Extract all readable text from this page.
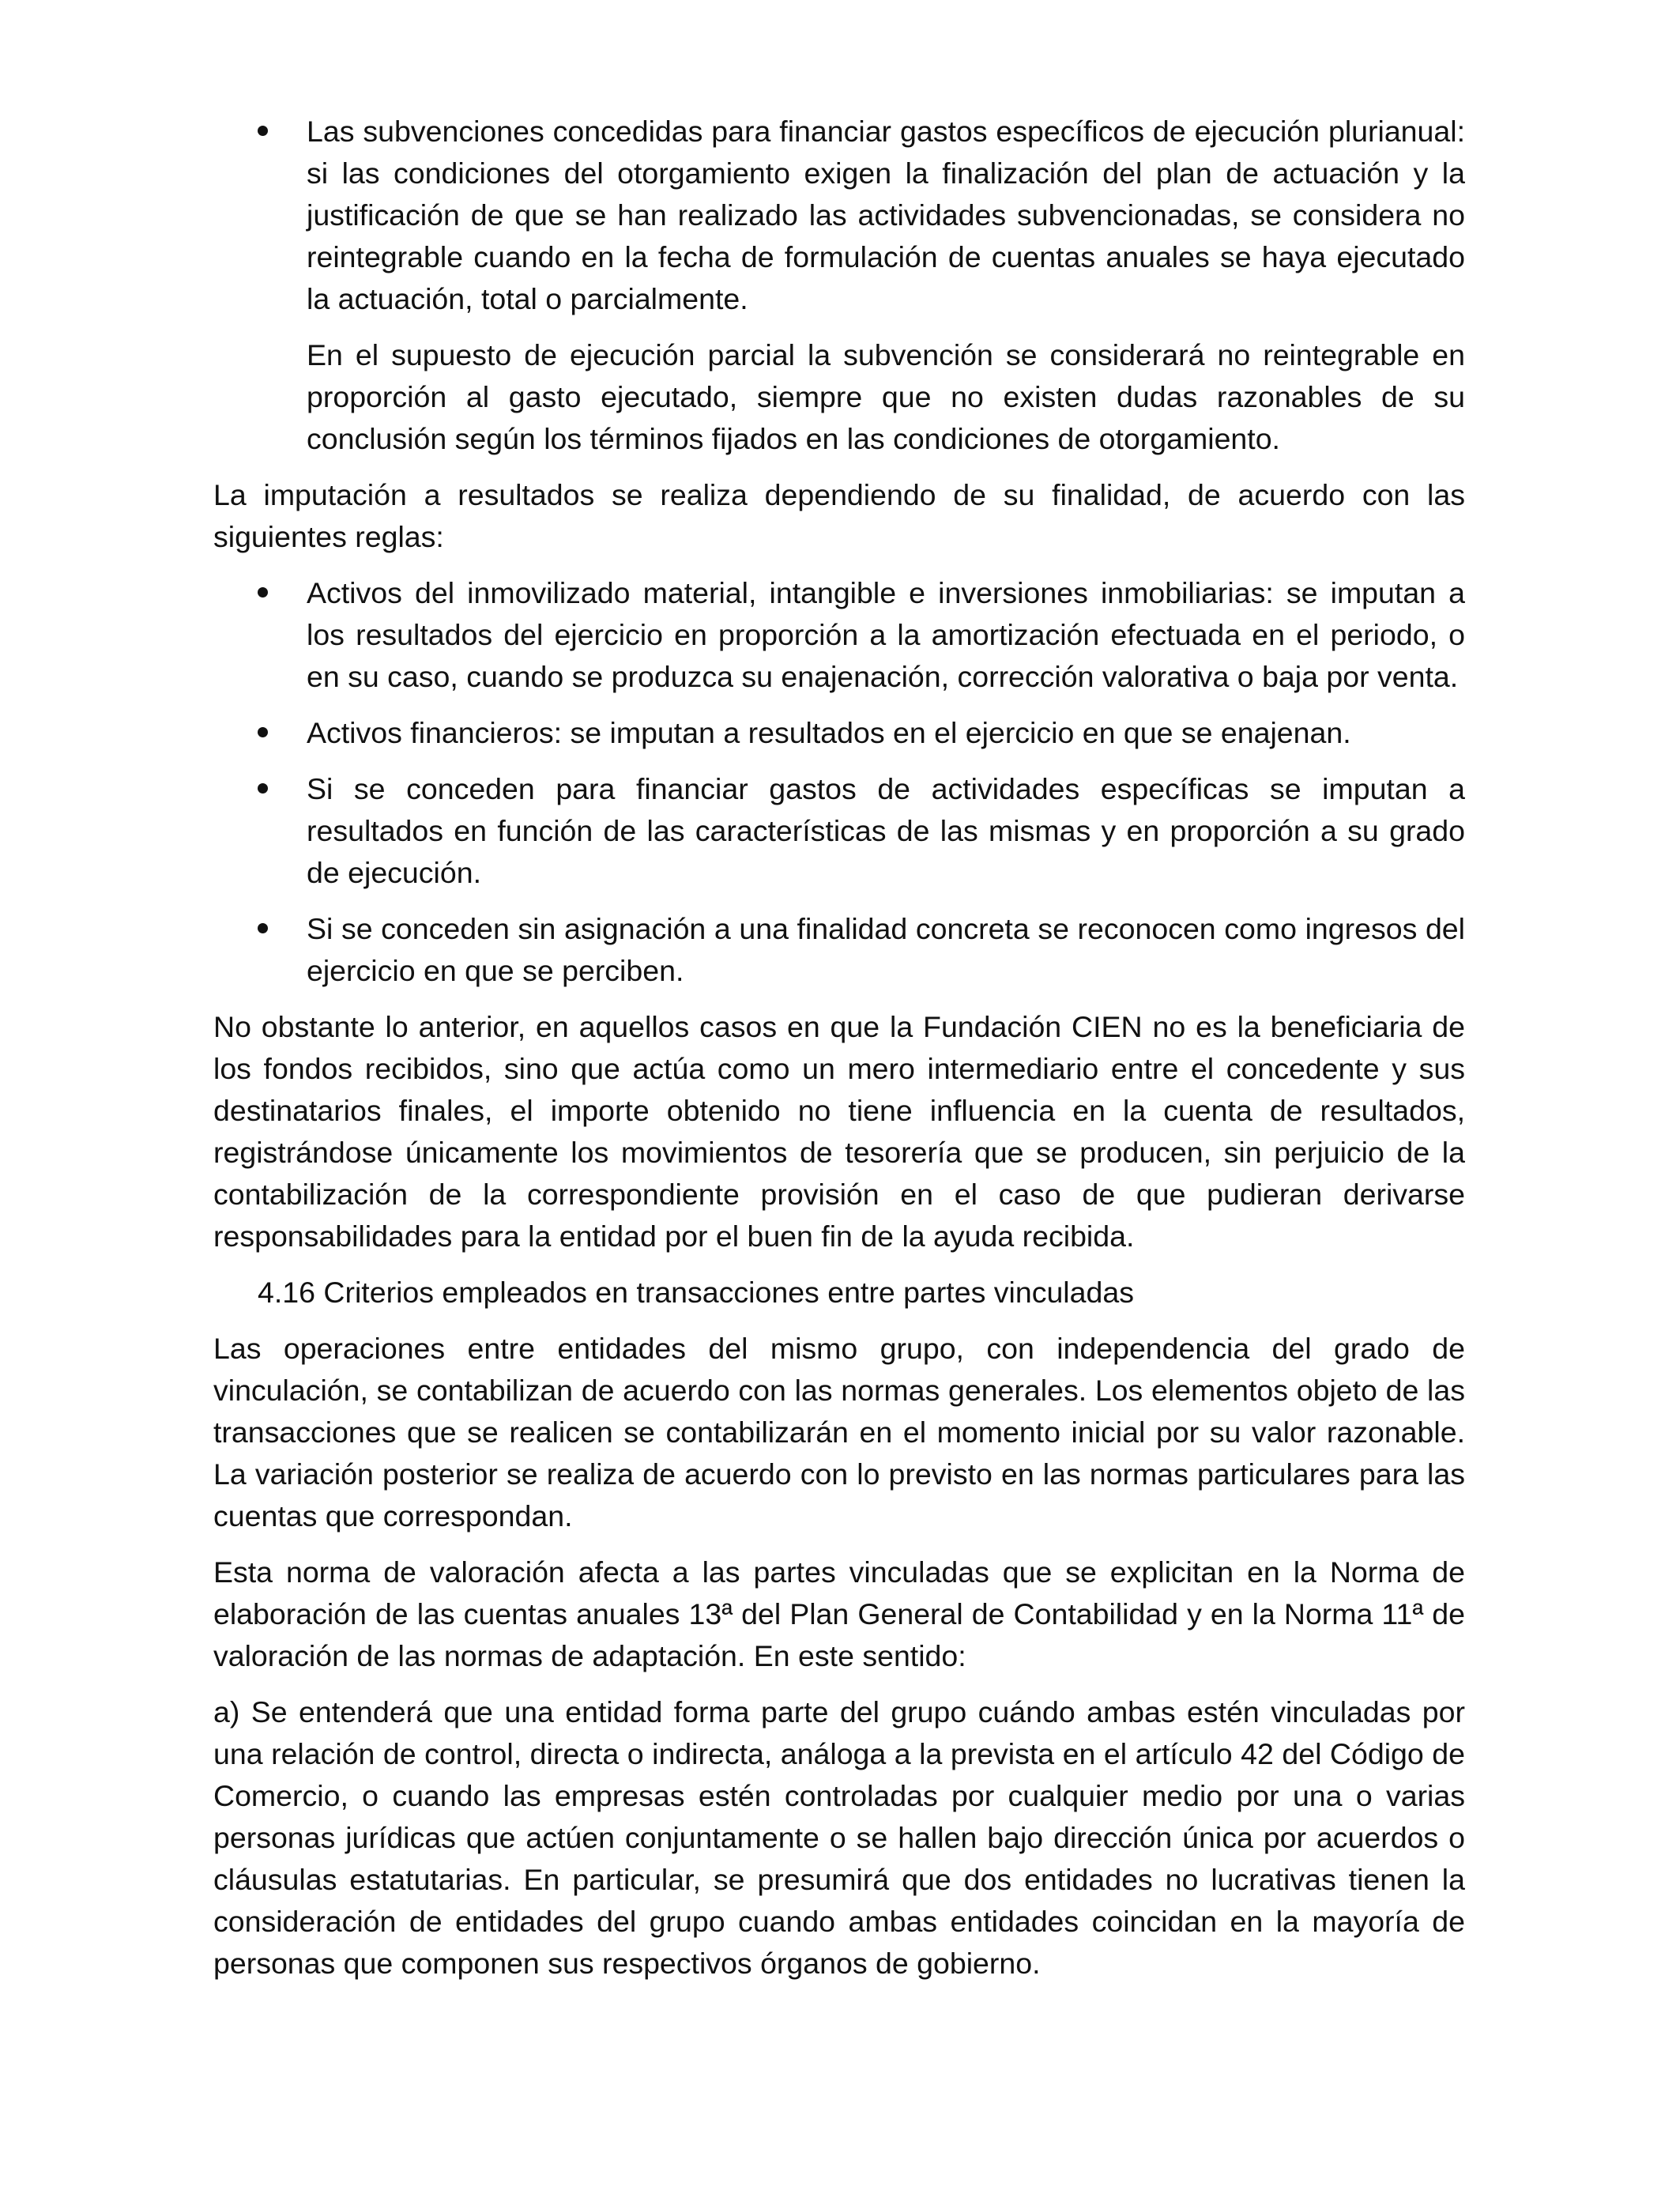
Las subvenciones concedidas para financiar gastos específicos de ejecución plurianual: si las condiciones del otorgamiento exigen la finalización del plan de actuación y la justificación de que se han realizado las actividades subvencionadas, se considera no reintegrable cuando en la fecha de formulación de cuentas anuales se haya ejecutado la actuación, total o parcialmente.

En el supuesto de ejecución parcial la subvención se considerará no reintegrable en proporción al gasto ejecutado, siempre que no existen dudas razonables de su conclusión según los términos fijados en las condiciones de otorgamiento.

La imputación a resultados se realiza dependiendo de su finalidad, de acuerdo con las siguientes reglas:

Activos del inmovilizado material, intangible e inversiones inmobiliarias: se imputan a los resultados del ejercicio en proporción a la amortización efectuada en el periodo, o en su caso, cuando se produzca su enajenación, corrección valorativa o baja por venta.
Activos financieros: se imputan a resultados en el ejercicio en que se enajenan.
Si se conceden para financiar gastos de actividades específicas se imputan a resultados en función de las características de las mismas y en proporción a su grado de ejecución.
Si se conceden sin asignación a una finalidad concreta se reconocen como ingresos del ejercicio en que se perciben.

No obstante lo anterior, en aquellos casos en que la Fundación CIEN no es la beneficiaria de los fondos recibidos, sino que actúa como un mero intermediario entre el concedente y sus destinatarios finales, el importe obtenido no tiene influencia en la cuenta de resultados, registrándose únicamente los movimientos de tesorería que se producen, sin perjuicio de la contabilización de la correspondiente provisión en el caso de que pudieran derivarse responsabilidades para la entidad por el buen fin de la ayuda recibida.

4.16 Criterios empleados en transacciones entre partes vinculadas

Las operaciones entre entidades del mismo grupo, con independencia del grado de vinculación, se contabilizan de acuerdo con las normas generales. Los elementos objeto de las transacciones que se realicen se contabilizarán en el momento inicial por su valor razonable. La variación posterior se realiza de acuerdo con lo previsto en las normas particulares para las cuentas que correspondan.

Esta norma de valoración afecta a las partes vinculadas que se explicitan en la Norma de elaboración de las cuentas anuales 13ª del Plan General de Contabilidad y en la Norma 11ª de valoración de las normas de adaptación. En este sentido:

a) Se entenderá que una entidad forma parte del grupo cuándo ambas estén vinculadas por una relación de control, directa o indirecta, análoga a la prevista en el artículo 42 del Código de Comercio, o cuando las empresas estén controladas por cualquier medio por una o varias personas jurídicas que actúen conjuntamente o se hallen bajo dirección única por acuerdos o cláusulas estatutarias. En particular, se presumirá que dos entidades no lucrativas tienen la consideración de entidades del grupo cuando ambas entidades coincidan en la mayoría de personas que componen sus respectivos órganos de gobierno.
